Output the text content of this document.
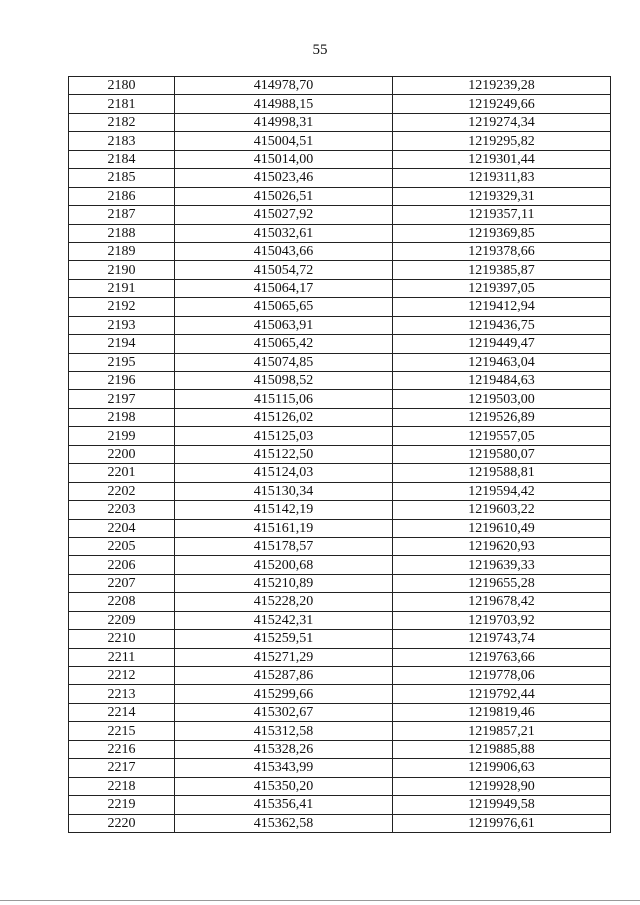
55
2180	414978,70	1219239,28
2181	414988,15	1219249,66
2182	414998,31	1219274,34
2183	415004,51	1219295,82
2184	415014,00	1219301,44
2185	415023,46	1219311,83
2186	415026,51	1219329,31
2187	415027,92	1219357,11
2188	415032,61	1219369,85
2189	415043,66	1219378,66
2190	415054,72	1219385,87
2191	415064,17	1219397,05
2192	415065,65	1219412,94
2193	415063,91	1219436,75
2194	415065,42	1219449,47
2195	415074,85	1219463,04
2196	415098,52	1219484,63
2197	415115,06	1219503,00
2198	415126,02	1219526,89
2199	415125,03	1219557,05
2200	415122,50	1219580,07
2201	415124,03	1219588,81
2202	415130,34	1219594,42
2203	415142,19	1219603,22
2204	415161,19	1219610,49
2205	415178,57	1219620,93
2206	415200,68	1219639,33
2207	415210,89	1219655,28
2208	415228,20	1219678,42
2209	415242,31	1219703,92
2210	415259,51	1219743,74
2211	415271,29	1219763,66
2212	415287,86	1219778,06
2213	415299,66	1219792,44
2214	415302,67	1219819,46
2215	415312,58	1219857,21
2216	415328,26	1219885,88
2217	415343,99	1219906,63
2218	415350,20	1219928,90
2219	415356,41	1219949,58
2220	415362,58	1219976,61
